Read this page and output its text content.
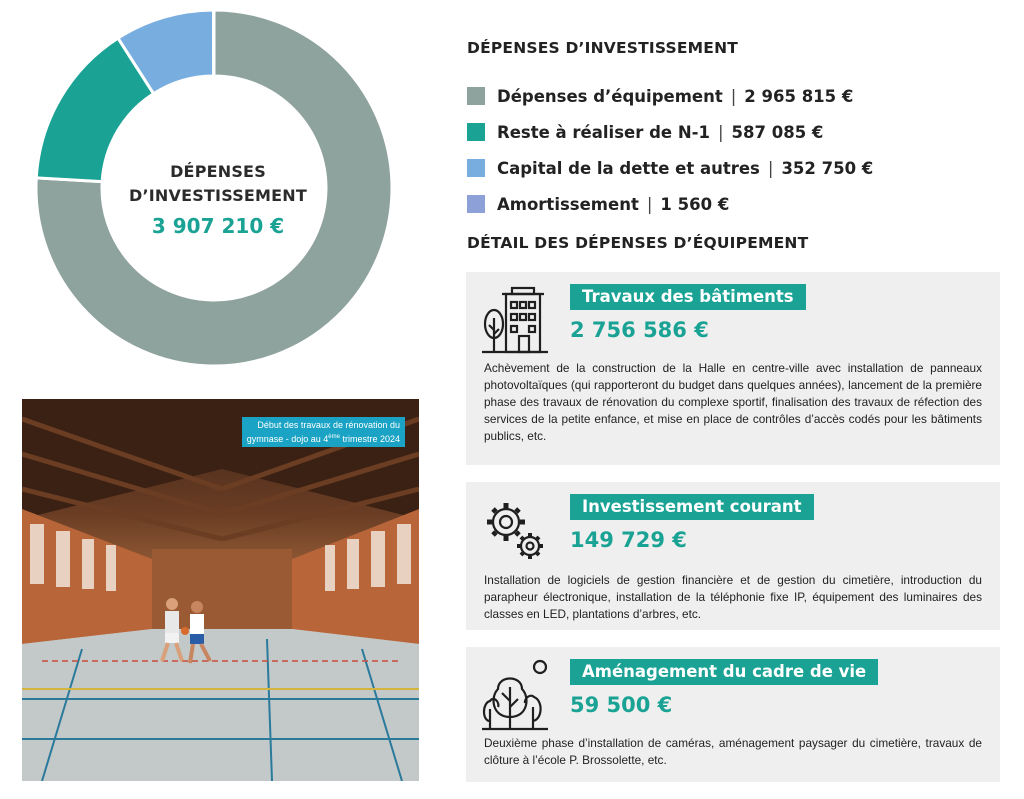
DÉPENSES
D’INVESTISSEMENT
3 907 210 €
Début des travaux de rénovation du
gymnase - dojo au 4ème trimestre 2024
DÉPENSES D’INVESTISSEMENT
Dépenses d’équipement | 2 965 815 €
Reste à réaliser de N-1 | 587 085 €
Capital de la dette et autres | 352 750 €
Amortissement | 1 560 €
DÉTAIL DES DÉPENSES D’ÉQUIPEMENT
Travaux des bâtiments
2 756 586 €
Achèvement de la construction de la Halle en centre-ville avec installation de panneaux photovoltaïques (qui rapporteront du budget dans quelques années), lancement de la première phase des travaux de rénovation du complexe sportif, finalisation des travaux de réfection des services de la petite enfance, et mise en place de contrôles d’accès codés pour les bâtiments publics, etc.
Investissement courant
149 729 €
Installation de logiciels de gestion financière et de gestion du cimetière, introduction du parapheur électronique, installation de la téléphonie fixe IP, équipement des luminaires des classes en LED, plantations d’arbres, etc.
Aménagement du cadre de vie
59 500 €
Deuxième phase d’installation de caméras, aménagement paysager du cimetière, travaux de clôture à l’école P. Brossolette, etc.
